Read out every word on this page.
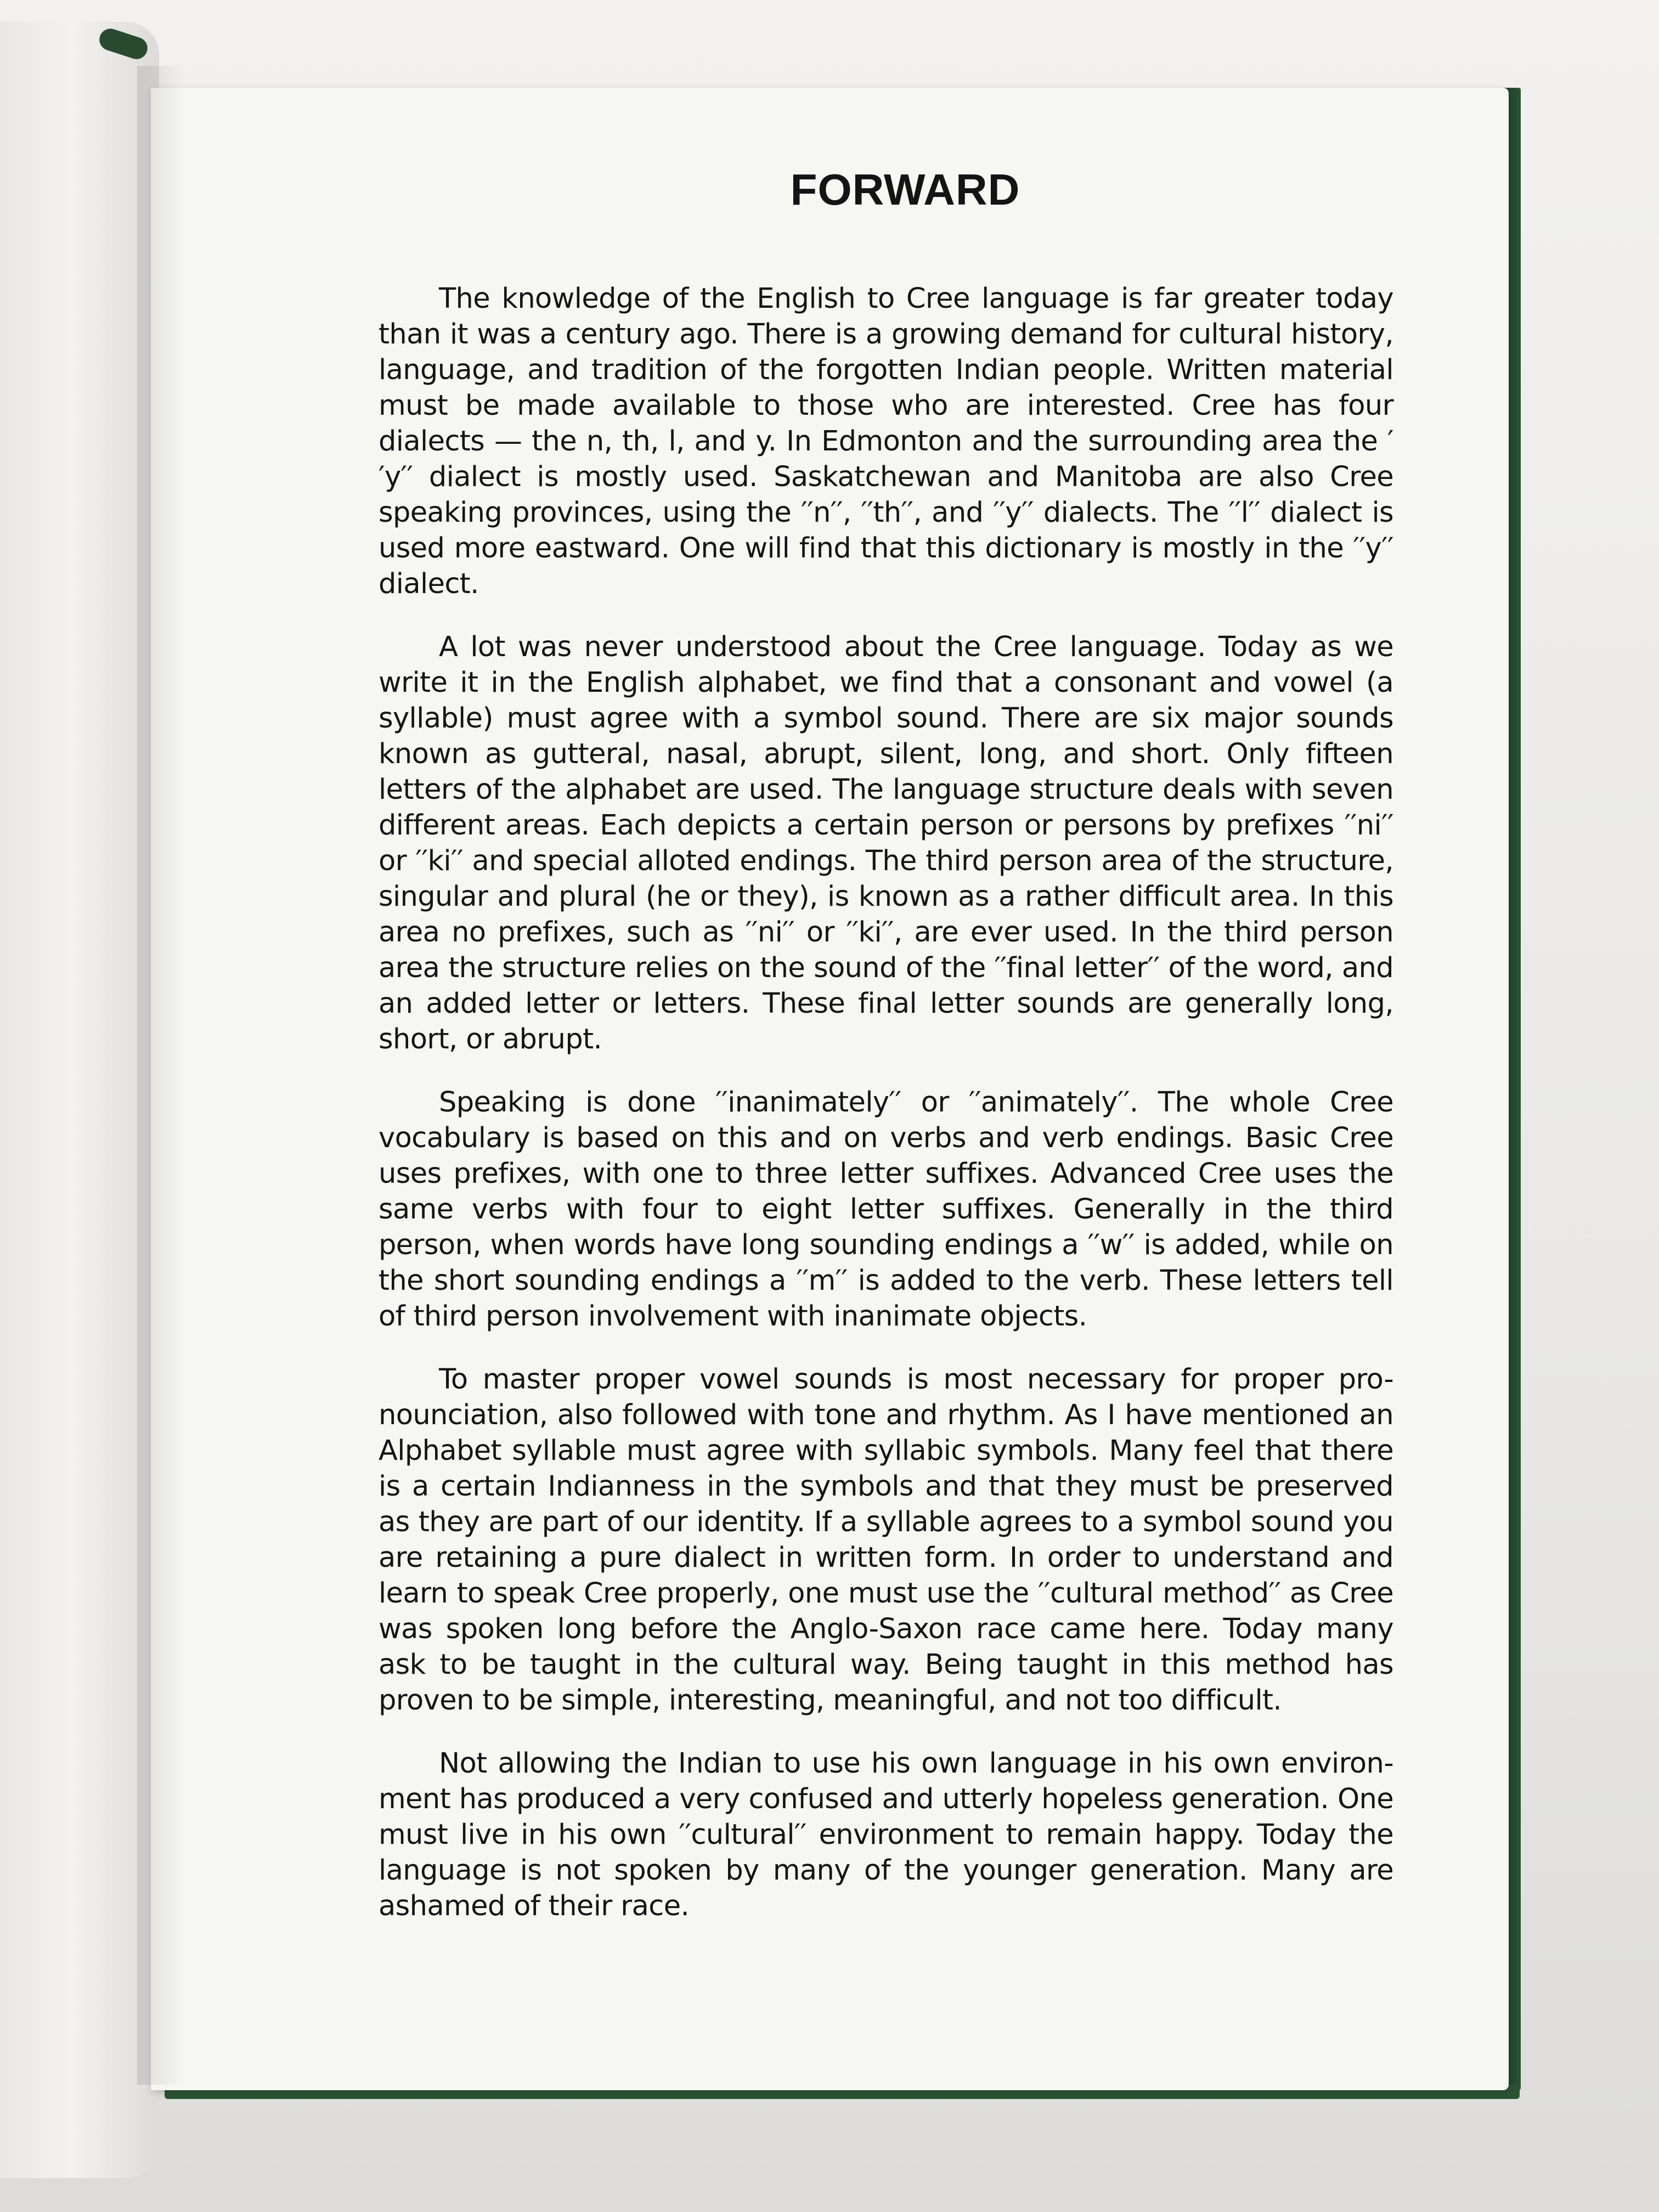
FORWARD

The knowledge of the English to Cree language is far greater today than it was a century ago. There is a growing demand for cultural history, language, and tradition of the forgotten Indian people. Written material must be made available to those who are interested. Cree has four dialects — the n, th, l, and y. In Edmonton and the surrounding area the ′′y′′ dialect is mostly used. Saskatchewan and Manitoba are also Cree speaking provinces, using the ′′n′′, ′′th′′, and ′′y′′ dialects. The ′′l′′ dialect is used more eastward. One will find that this dictionary is mostly in the ′′y′′ dialect.

A lot was never understood about the Cree language. Today as we write it in the English alphabet, we find that a consonant and vowel (a syllable) must agree with a symbol sound. There are six major sounds known as gutteral, nasal, abrupt, silent, long, and short. Only fifteen letters of the alphabet are used. The language structure deals with seven different areas. Each depicts a certain person or persons by prefixes ′′ni′′ or ′′ki′′ and special alloted endings. The third person area of the structure, singular and plural (he or they), is known as a rather difficult area. In this area no prefixes, such as ′′ni′′ or ′′ki′′, are ever used. In the third person area the structure relies on the sound of the ′′final letter′′ of the word, and an added letter or letters. These final letter sounds are generally long, short, or abrupt.

Speaking is done ′′inanimately′′ or ′′animately′′. The whole Cree vocabulary is based on this and on verbs and verb endings. Basic Cree uses prefixes, with one to three letter suffixes. Advanced Cree uses the same verbs with four to eight letter suffixes. Generally in the third person, when words have long sounding endings a ′′w′′ is added, while on the short sounding endings a ′′m′′ is added to the verb. These letters tell of third person involvement with inanimate objects.

To master proper vowel sounds is most necessary for proper pro-nounciation, also followed with tone and rhythm. As I have mentioned an Alphabet syllable must agree with syllabic symbols. Many feel that there is a certain Indianness in the symbols and that they must be preserved as they are part of our identity. If a syllable agrees to a symbol sound you are retaining a pure dialect in written form. In order to understand and learn to speak Cree properly, one must use the ′′cultural method′′ as Cree was spoken long before the Anglo-Saxon race came here. Today many ask to be taught in the cultural way. Being taught in this method has proven to be simple, interesting, meaningful, and not too difficult.

Not allowing the Indian to use his own language in his own environ-ment has produced a very confused and utterly hopeless generation. One must live in his own ′′cultural′′ environment to remain happy. Today the language is not spoken by many of the younger generation. Many are ashamed of their race.
